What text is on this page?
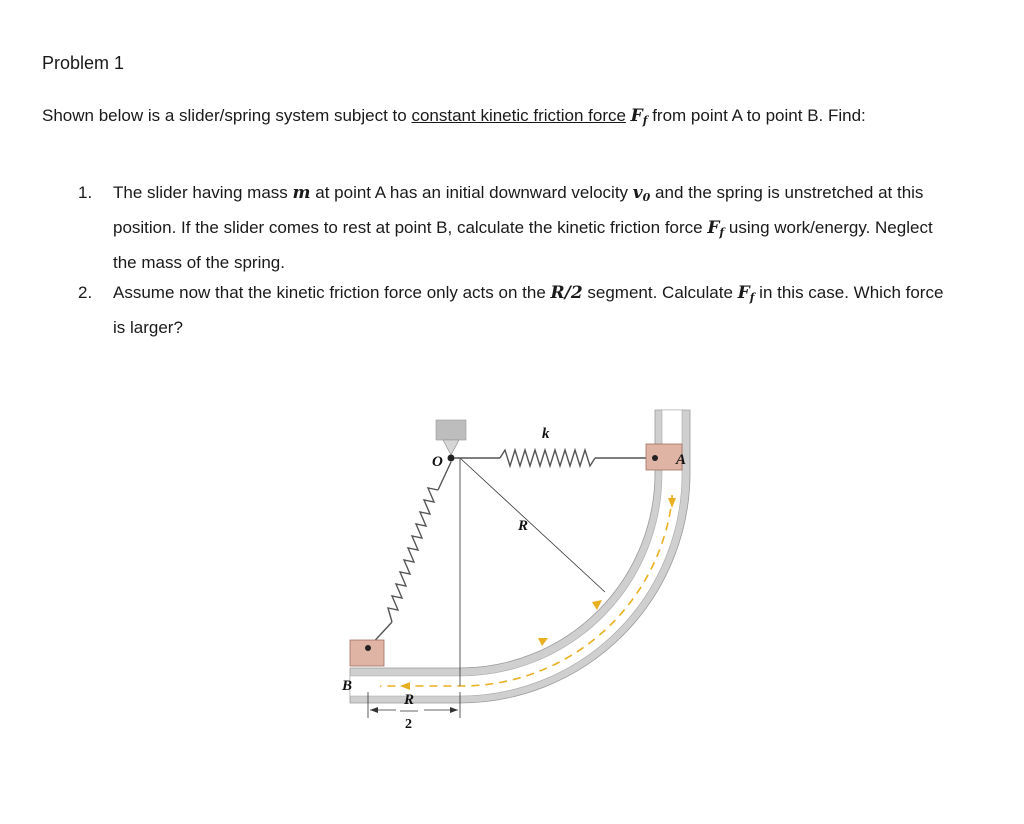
Problem 1
Shown below is a slider/spring system subject to constant kinetic friction force $F_f$ from point A to point B. Find:
1. The slider having mass m at point A has an initial downward velocity $v_0$ and the spring is unstretched at this position. If the slider comes to rest at point B, calculate the kinetic friction force $F_f$ using work/energy. Neglect the mass of the spring.
2. Assume now that the kinetic friction force only acts on the R/2 segment. Calculate $F_f$ in this case. Which force is larger?
k
O	A
R
B
R
2
